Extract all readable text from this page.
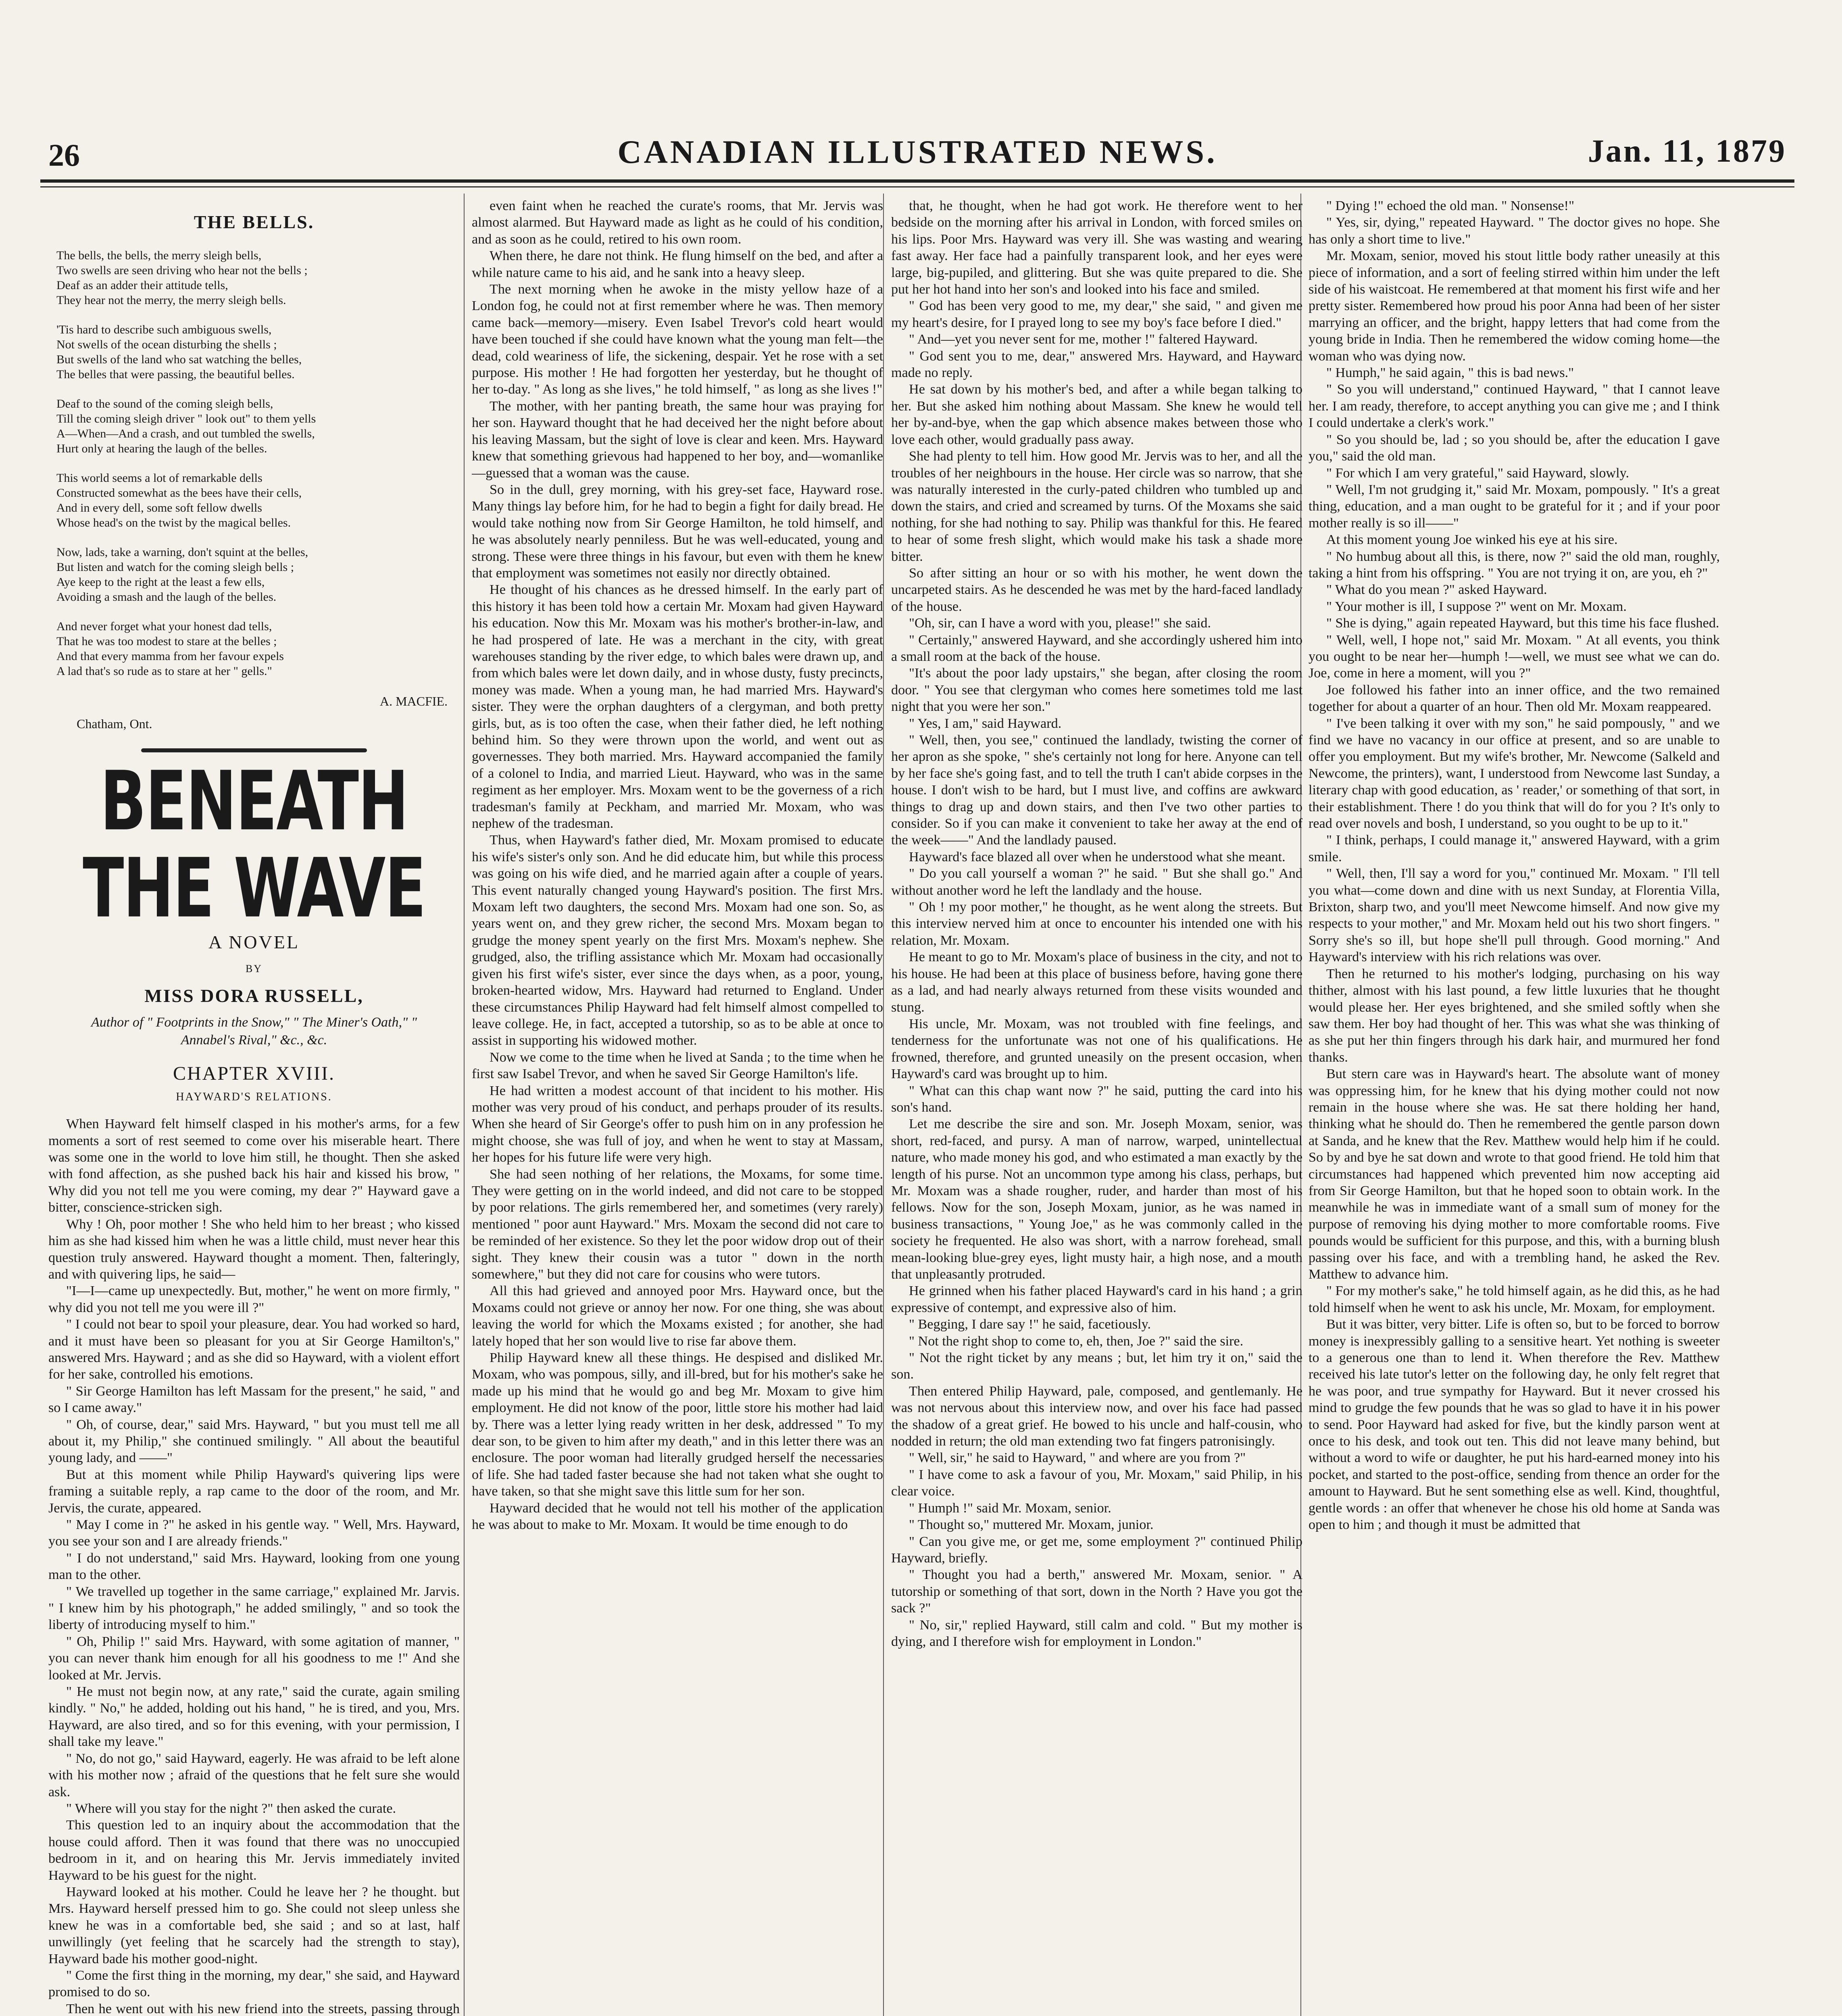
26	CANADIAN ILLUSTRATED NEWS.	Jan. 11, 1879
THE BELLS.
The bells, the bells, the merry sleigh bells,
Two swells are seen driving who hear not the bells ;
Deaf as an adder their attitude tells,
They hear not the merry, the merry sleigh bells.
'Tis hard to describe such ambiguous swells,
Not swells of the ocean disturbing the shells ;
But swells of the land who sat watching the belles,
The belles that were passing, the beautiful belles.
Deaf to the sound of the coming sleigh bells,
Till the coming sleigh driver " look out" to them yells
A—When—And a crash, and out tumbled the swells,
Hurt only at hearing the laugh of the belles.
This world seems a lot of remarkable dells
Constructed somewhat as the bees have their cells,
And in every dell, some soft fellow dwells
Whose head's on the twist by the magical belles.
Now, lads, take a warning, don't squint at the belles,
But listen and watch for the coming sleigh bells ;
Aye keep to the right at the least a few ells,
Avoiding a smash and the laugh of the belles.
And never forget what your honest dad tells,
That he was too modest to stare at the belles ;
And that every mamma from her favour expels
A lad that's so rude as to stare at her " gells."
A. MACFIE.
Chatham, Ont.
BENEATH THE WAVE
A NOVEL
BY
MISS DORA RUSSELL,
Author of " Footprints in the Snow," " The Miner's Oath," " Annabel's Rival," &c., &c.
CHAPTER XVIII.
HAYWARD'S RELATIONS.

When Hayward felt himself clasped in his mother's arms, for a few moments a sort of rest seemed to come over his miserable heart. There was some one in the world to love him still, he thought. Then she asked with fond affection, as she pushed back his hair and kissed his brow, " Why did you not tell me you were coming, my dear ?" Hayward gave a bitter, conscience-stricken sigh.

Why ! Oh, poor mother ! She who held him to her breast ; who kissed him as she had kissed him when he was a little child, must never hear this question truly answered. Hayward thought a moment. Then, falteringly, and with quivering lips, he said—

"I—I—came up unexpectedly. But, mother," he went on more firmly, " why did you not tell me you were ill ?"

" I could not bear to spoil your pleasure, dear. You had worked so hard, and it must have been so pleasant for you at Sir George Hamilton's," answered Mrs. Hayward ; and as she did so Hayward, with a violent effort for her sake, controlled his emotions.

" Sir George Hamilton has left Massam for the present," he said, " and so I came away."

" Oh, of course, dear," said Mrs. Hayward, " but you must tell me all about it, my Philip," she continued smilingly. " All about the beautiful young lady, and ——"

But at this moment while Philip Hayward's quivering lips were framing a suitable reply, a rap came to the door of the room, and Mr. Jervis, the curate, appeared.

" May I come in ?" he asked in his gentle way. " Well, Mrs. Hayward, you see your son and I are already friends."

" I do not understand," said Mrs. Hayward, looking from one young man to the other.

" We travelled up together in the same carriage," explained Mr. Jarvis. " I knew him by his photograph," he added smilingly, " and so took the liberty of introducing myself to him."

" Oh, Philip !" said Mrs. Hayward, with some agitation of manner, " you can never thank him enough for all his goodness to me !" And she looked at Mr. Jervis.

" He must not begin now, at any rate," said the curate, again smiling kindly. " No," he added, holding out his hand, " he is tired, and you, Mrs. Hayward, are also tired, and so for this evening, with your permission, I shall take my leave."

" No, do not go," said Hayward, eagerly. He was afraid to be left alone with his mother now ; afraid of the questions that he felt sure she would ask.

" Where will you stay for the night ?" then asked the curate.

This question led to an inquiry about the accommodation that the house could afford. Then it was found that there was no unoccupied bedroom in it, and on hearing this Mr. Jervis immediately invited Hayward to be his guest for the night.

Hayward looked at his mother. Could he leave her ? he thought. but Mrs. Hayward herself pressed him to go. She could not sleep unless she knew he was in a comfortable bed, she said ; and so at last, half unwillingly (yet feeling that he scarcely had the strength to stay), Hayward bade his mother good-night.

" Come the first thing in the morning, my dear," she said, and Hayward promised to do so.

Then he went out with his new friend into the streets, passing through

even faint when he reached the curate's rooms, that Mr. Jervis was almost alarmed. But Hayward made as light as he could of his condition, and as soon as he could, retired to his own room.

When there, he dare not think. He flung himself on the bed, and after a while nature came to his aid, and he sank into a heavy sleep.

The next morning when he awoke in the misty yellow haze of a London fog, he could not at first remember where he was. Then memory came back—memory—misery. Even Isabel Trevor's cold heart would have been touched if she could have known what the young man felt—the dead, cold weariness of life, the sickening, despair. Yet he rose with a set purpose. His mother ! He had forgotten her yesterday, but he thought of her to-day. " As long as she lives," he told himself, " as long as she lives !"

The mother, with her panting breath, the same hour was praying for her son. Hayward thought that he had deceived her the night before about his leaving Massam, but the sight of love is clear and keen. Mrs. Hayward knew that something grievous had happened to her boy, and—womanlike—guessed that a woman was the cause.

So in the dull, grey morning, with his grey-set face, Hayward rose. Many things lay before him, for he had to begin a fight for daily bread. He would take nothing now from Sir George Hamilton, he told himself, and he was absolutely nearly penniless. But he was well-educated, young and strong. These were three things in his favour, but even with them he knew that employment was sometimes not easily nor directly obtained.

He thought of his chances as he dressed himself. In the early part of this history it has been told how a certain Mr. Moxam had given Hayward his education. Now this Mr. Moxam was his mother's brother-in-law, and he had prospered of late. He was a merchant in the city, with great warehouses standing by the river edge, to which bales were drawn up, and from which bales were let down daily, and in whose dusty, fusty precincts, money was made. When a young man, he had married Mrs. Hayward's sister. They were the orphan daughters of a clergyman, and both pretty girls, but, as is too often the case, when their father died, he left nothing behind him. So they were thrown upon the world, and went out as governesses. They both married. Mrs. Hayward accompanied the family of a colonel to India, and married Lieut. Hayward, who was in the same regiment as her employer. Mrs. Moxam went to be the governess of a rich tradesman's family at Peckham, and married Mr. Moxam, who was nephew of the tradesman.

Thus, when Hayward's father died, Mr. Moxam promised to educate his wife's sister's only son. And he did educate him, but while this process was going on his wife died, and he married again after a couple of years. This event naturally changed young Hayward's position. The first Mrs. Moxam left two daughters, the second Mrs. Moxam had one son. So, as years went on, and they grew richer, the second Mrs. Moxam began to grudge the money spent yearly on the first Mrs. Moxam's nephew. She grudged, also, the trifling assistance which Mr. Moxam had occasionally given his first wife's sister, ever since the days when, as a poor, young, broken-hearted widow, Mrs. Hayward had returned to England. Under these circumstances Philip Hayward had felt himself almost compelled to leave college. He, in fact, accepted a tutorship, so as to be able at once to assist in supporting his widowed mother.

Now we come to the time when he lived at Sanda ; to the time when he first saw Isabel Trevor, and when he saved Sir George Hamilton's life.

He had written a modest account of that incident to his mother. His mother was very proud of his conduct, and perhaps prouder of its results. When she heard of Sir George's offer to push him on in any profession he might choose, she was full of joy, and when he went to stay at Massam, her hopes for his future life were very high.

She had seen nothing of her relations, the Moxams, for some time. They were getting on in the world indeed, and did not care to be stopped by poor relations. The girls remembered her, and sometimes (very rarely) mentioned " poor aunt Hayward." Mrs. Moxam the second did not care to be reminded of her existence. So they let the poor widow drop out of their sight. They knew their cousin was a tutor " down in the north somewhere," but they did not care for cousins who were tutors.

All this had grieved and annoyed poor Mrs. Hayward once, but the Moxams could not grieve or annoy her now. For one thing, she was about leaving the world for which the Moxams existed ; for another, she had lately hoped that her son would live to rise far above them.

Philip Hayward knew all these things. He despised and disliked Mr. Moxam, who was pompous, silly, and ill-bred, but for his mother's sake he made up his mind that he would go and beg Mr. Moxam to give him employment. He did not know of the poor, little store his mother had laid by. There was a letter lying ready written in her desk, addressed " To my dear son, to be given to him after my death," and in this letter there was an enclosure. The poor woman had literally grudged herself the necessaries of life. She had taded faster because she had not taken what she ought to have taken, so that she might save this little sum for her son.

Hayward decided that he would not tell his mother of the application he was about to make to Mr. Moxam. It would be time enough to do

that, he thought, when he had got work. He therefore went to her bedside on the morning after his arrival in London, with forced smiles on his lips. Poor Mrs. Hayward was very ill. She was wasting and wearing fast away. Her face had a painfully transparent look, and her eyes were large, big-pupiled, and glittering. But she was quite prepared to die. She put her hot hand into her son's and looked into his face and smiled.

" God has been very good to me, my dear," she said, " and given me my heart's desire, for I prayed long to see my boy's face before I died."

" And—yet you never sent for me, mother !" faltered Hayward.

" God sent you to me, dear," answered Mrs. Hayward, and Hayward made no reply.

He sat down by his mother's bed, and after a while began talking to her. But she asked him nothing about Massam. She knew he would tell her by-and-bye, when the gap which absence makes between those who love each other, would gradually pass away.

She had plenty to tell him. How good Mr. Jervis was to her, and all the troubles of her neighbours in the house. Her circle was so narrow, that she was naturally interested in the curly-pated children who tumbled up and down the stairs, and cried and screamed by turns. Of the Moxams she said nothing, for she had nothing to say. Philip was thankful for this. He feared to hear of some fresh slight, which would make his task a shade more bitter.

So after sitting an hour or so with his mother, he went down the uncarpeted stairs. As he descended he was met by the hard-faced landlady of the house.

"Oh, sir, can I have a word with you, please!" she said.

" Certainly," answered Hayward, and she accordingly ushered him into a small room at the back of the house.

"It's about the poor lady upstairs," she began, after closing the room door. " You see that clergyman who comes here sometimes told me last night that you were her son."

" Yes, I am," said Hayward.

" Well, then, you see," continued the landlady, twisting the corner of her apron as she spoke, " she's certainly not long for here. Anyone can tell by her face she's going fast, and to tell the truth I can't abide corpses in the house. I don't wish to be hard, but I must live, and coffins are awkward things to drag up and down stairs, and then I've two other parties to consider. So if you can make it convenient to take her away at the end of the week——" And the landlady paused.

Hayward's face blazed all over when he understood what she meant.

" Do you call yourself a woman ?" he said. " But she shall go." And without another word he left the landlady and the house.

" Oh ! my poor mother," he thought, as he went along the streets. But this interview nerved him at once to encounter his intended one with his relation, Mr. Moxam.

He meant to go to Mr. Moxam's place of business in the city, and not to his house. He had been at this place of business before, having gone there as a lad, and had nearly always returned from these visits wounded and stung.

His uncle, Mr. Moxam, was not troubled with fine feelings, and tenderness for the unfortunate was not one of his qualifications. He frowned, therefore, and grunted uneasily on the present occasion, when Hayward's card was brought up to him.

" What can this chap want now ?" he said, putting the card into his son's hand.

Let me describe the sire and son. Mr. Joseph Moxam, senior, was short, red-faced, and pursy. A man of narrow, warped, unintellectual nature, who made money his god, and who estimated a man exactly by the length of his purse. Not an uncommon type among his class, perhaps, but Mr. Moxam was a shade rougher, ruder, and harder than most of his fellows. Now for the son, Joseph Moxam, junior, as he was named in business transactions, " Young Joe," as he was commonly called in the society he frequented. He also was short, with a narrow forehead, small mean-looking blue-grey eyes, light musty hair, a high nose, and a mouth that unpleasantly protruded.

He grinned when his father placed Hayward's card in his hand ; a grin expressive of contempt, and expressive also of him.

" Begging, I dare say !" he said, facetiously.

" Not the right shop to come to, eh, then, Joe ?" said the sire.

" Not the right ticket by any means ; but, let him try it on," said the son.

Then entered Philip Hayward, pale, composed, and gentlemanly. He was not nervous about this interview now, and over his face had passed the shadow of a great grief. He bowed to his uncle and half-cousin, who nodded in return; the old man extending two fat fingers patronisingly.

" Well, sir," he said to Hayward, " and where are you from ?"

" I have come to ask a favour of you, Mr. Moxam," said Philip, in his clear voice.

" Humph !" said Mr. Moxam, senior.

" Thought so," muttered Mr. Moxam, junior.

" Can you give me, or get me, some employment ?" continued Philip Hayward, briefly.

" Thought you had a berth," answered Mr. Moxam, senior. " A tutorship or something of that sort, down in the North ? Have you got the sack ?"

" No, sir," replied Hayward, still calm and cold. " But my mother is dying, and I therefore wish for employment in London."

" Dying !" echoed the old man. " Nonsense!"

" Yes, sir, dying," repeated Hayward. " The doctor gives no hope. She has only a short time to live."

Mr. Moxam, senior, moved his stout little body rather uneasily at this piece of information, and a sort of feeling stirred within him under the left side of his waistcoat. He remembered at that moment his first wife and her pretty sister. Remembered how proud his poor Anna had been of her sister marrying an officer, and the bright, happy letters that had come from the young bride in India. Then he remembered the widow coming home—the woman who was dying now.

" Humph," he said again, " this is bad news."

" So you will understand," continued Hayward, " that I cannot leave her. I am ready, therefore, to accept anything you can give me ; and I think I could undertake a clerk's work."

" So you should be, lad ; so you should be, after the education I gave you," said the old man.

" For which I am very grateful," said Hayward, slowly.

" Well, I'm not grudging it," said Mr. Moxam, pompously. " It's a great thing, education, and a man ought to be grateful for it ; and if your poor mother really is so ill——"

At this moment young Joe winked his eye at his sire.

" No humbug about all this, is there, now ?" said the old man, roughly, taking a hint from his offspring. " You are not trying it on, are you, eh ?"

" What do you mean ?" asked Hayward.

" Your mother is ill, I suppose ?" went on Mr. Moxam.

" She is dying," again repeated Hayward, but this time his face flushed.

" Well, well, I hope not," said Mr. Moxam. " At all events, you think you ought to be near her—humph !—well, we must see what we can do. Joe, come in here a moment, will you ?"

Joe followed his father into an inner office, and the two remained together for about a quarter of an hour. Then old Mr. Moxam reappeared.

" I've been talking it over with my son," he said pompously, " and we find we have no vacancy in our office at present, and so are unable to offer you employment. But my wife's brother, Mr. Newcome (Salkeld and Newcome, the printers), want, I understood from Newcome last Sunday, a literary chap with good education, as ' reader,' or something of that sort, in their establishment. There ! do you think that will do for you ? It's only to read over novels and bosh, I understand, so you ought to be up to it."

" I think, perhaps, I could manage it," answered Hayward, with a grim smile.

" Well, then, I'll say a word for you," continued Mr. Moxam. " I'll tell you what—come down and dine with us next Sunday, at Florentia Villa, Brixton, sharp two, and you'll meet Newcome himself. And now give my respects to your mother," and Mr. Moxam held out his two short fingers. " Sorry she's so ill, but hope she'll pull through. Good morning." And Hayward's interview with his rich relations was over.

Then he returned to his mother's lodging, purchasing on his way thither, almost with his last pound, a few little luxuries that he thought would please her. Her eyes brightened, and she smiled softly when she saw them. Her boy had thought of her. This was what she was thinking of as she put her thin fingers through his dark hair, and murmured her fond thanks.

But stern care was in Hayward's heart. The absolute want of money was oppressing him, for he knew that his dying mother could not now remain in the house where she was. He sat there holding her hand, thinking what he should do. Then he remembered the gentle parson down at Sanda, and he knew that the Rev. Matthew would help him if he could. So by and bye he sat down and wrote to that good friend. He told him that circumstances had happened which prevented him now accepting aid from Sir George Hamilton, but that he hoped soon to obtain work. In the meanwhile he was in immediate want of a small sum of money for the purpose of removing his dying mother to more comfortable rooms. Five pounds would be sufficient for this purpose, and this, with a burning blush passing over his face, and with a trembling hand, he asked the Rev. Matthew to advance him.

" For my mother's sake," he told himself again, as he did this, as he had told himself when he went to ask his uncle, Mr. Moxam, for employment.

But it was bitter, very bitter. Life is often so, but to be forced to borrow money is inexpressibly galling to a sensitive heart. Yet nothing is sweeter to a generous one than to lend it. When therefore the Rev. Matthew received his late tutor's letter on the following day, he only felt regret that he was poor, and true sympathy for Hayward. But it never crossed his mind to grudge the few pounds that he was so glad to have it in his power to send. Poor Hayward had asked for five, but the kindly parson went at once to his desk, and took out ten. This did not leave many behind, but without a word to wife or daughter, he put his hard-earned money into his pocket, and started to the post-office, sending from thence an order for the amount to Hayward. But he sent something else as well. Kind, thoughtful, gentle words : an offer that whenever he chose his old home at Sanda was open to him ; and though it must be admitted that
